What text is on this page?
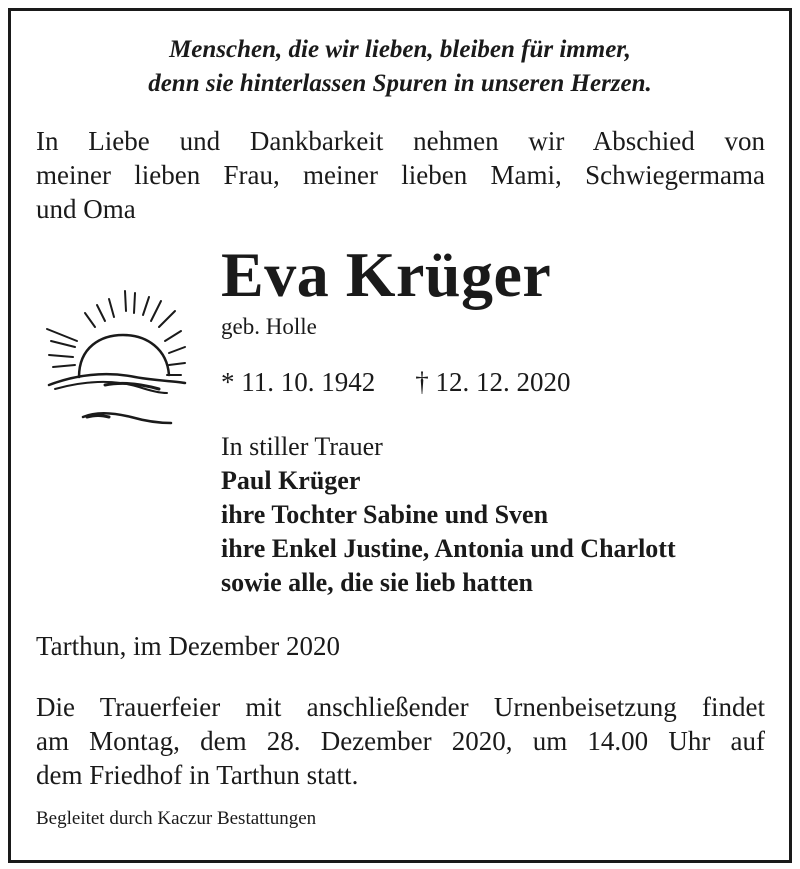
Menschen, die wir lieben, bleiben für immer,
denn sie hinterlassen Spuren in unseren Herzen.
In Liebe und Dankbarkeit nehmen wir Abschied von
meiner lieben Frau, meiner lieben Mami, Schwiegermama
und Oma
Eva Krüger
geb. Holle
* 11. 10. 1942 † 12. 12. 2020
In stiller Trauer
Paul Krüger
ihre Tochter Sabine und Sven
ihre Enkel Justine, Antonia und Charlott
sowie alle, die sie lieb hatten
Tarthun, im Dezember 2020
Die Trauerfeier mit anschließender Urnenbeisetzung findet
am Montag, dem 28. Dezember 2020, um 14.00 Uhr auf
dem Friedhof in Tarthun statt.
Begleitet durch Kaczur Bestattungen
